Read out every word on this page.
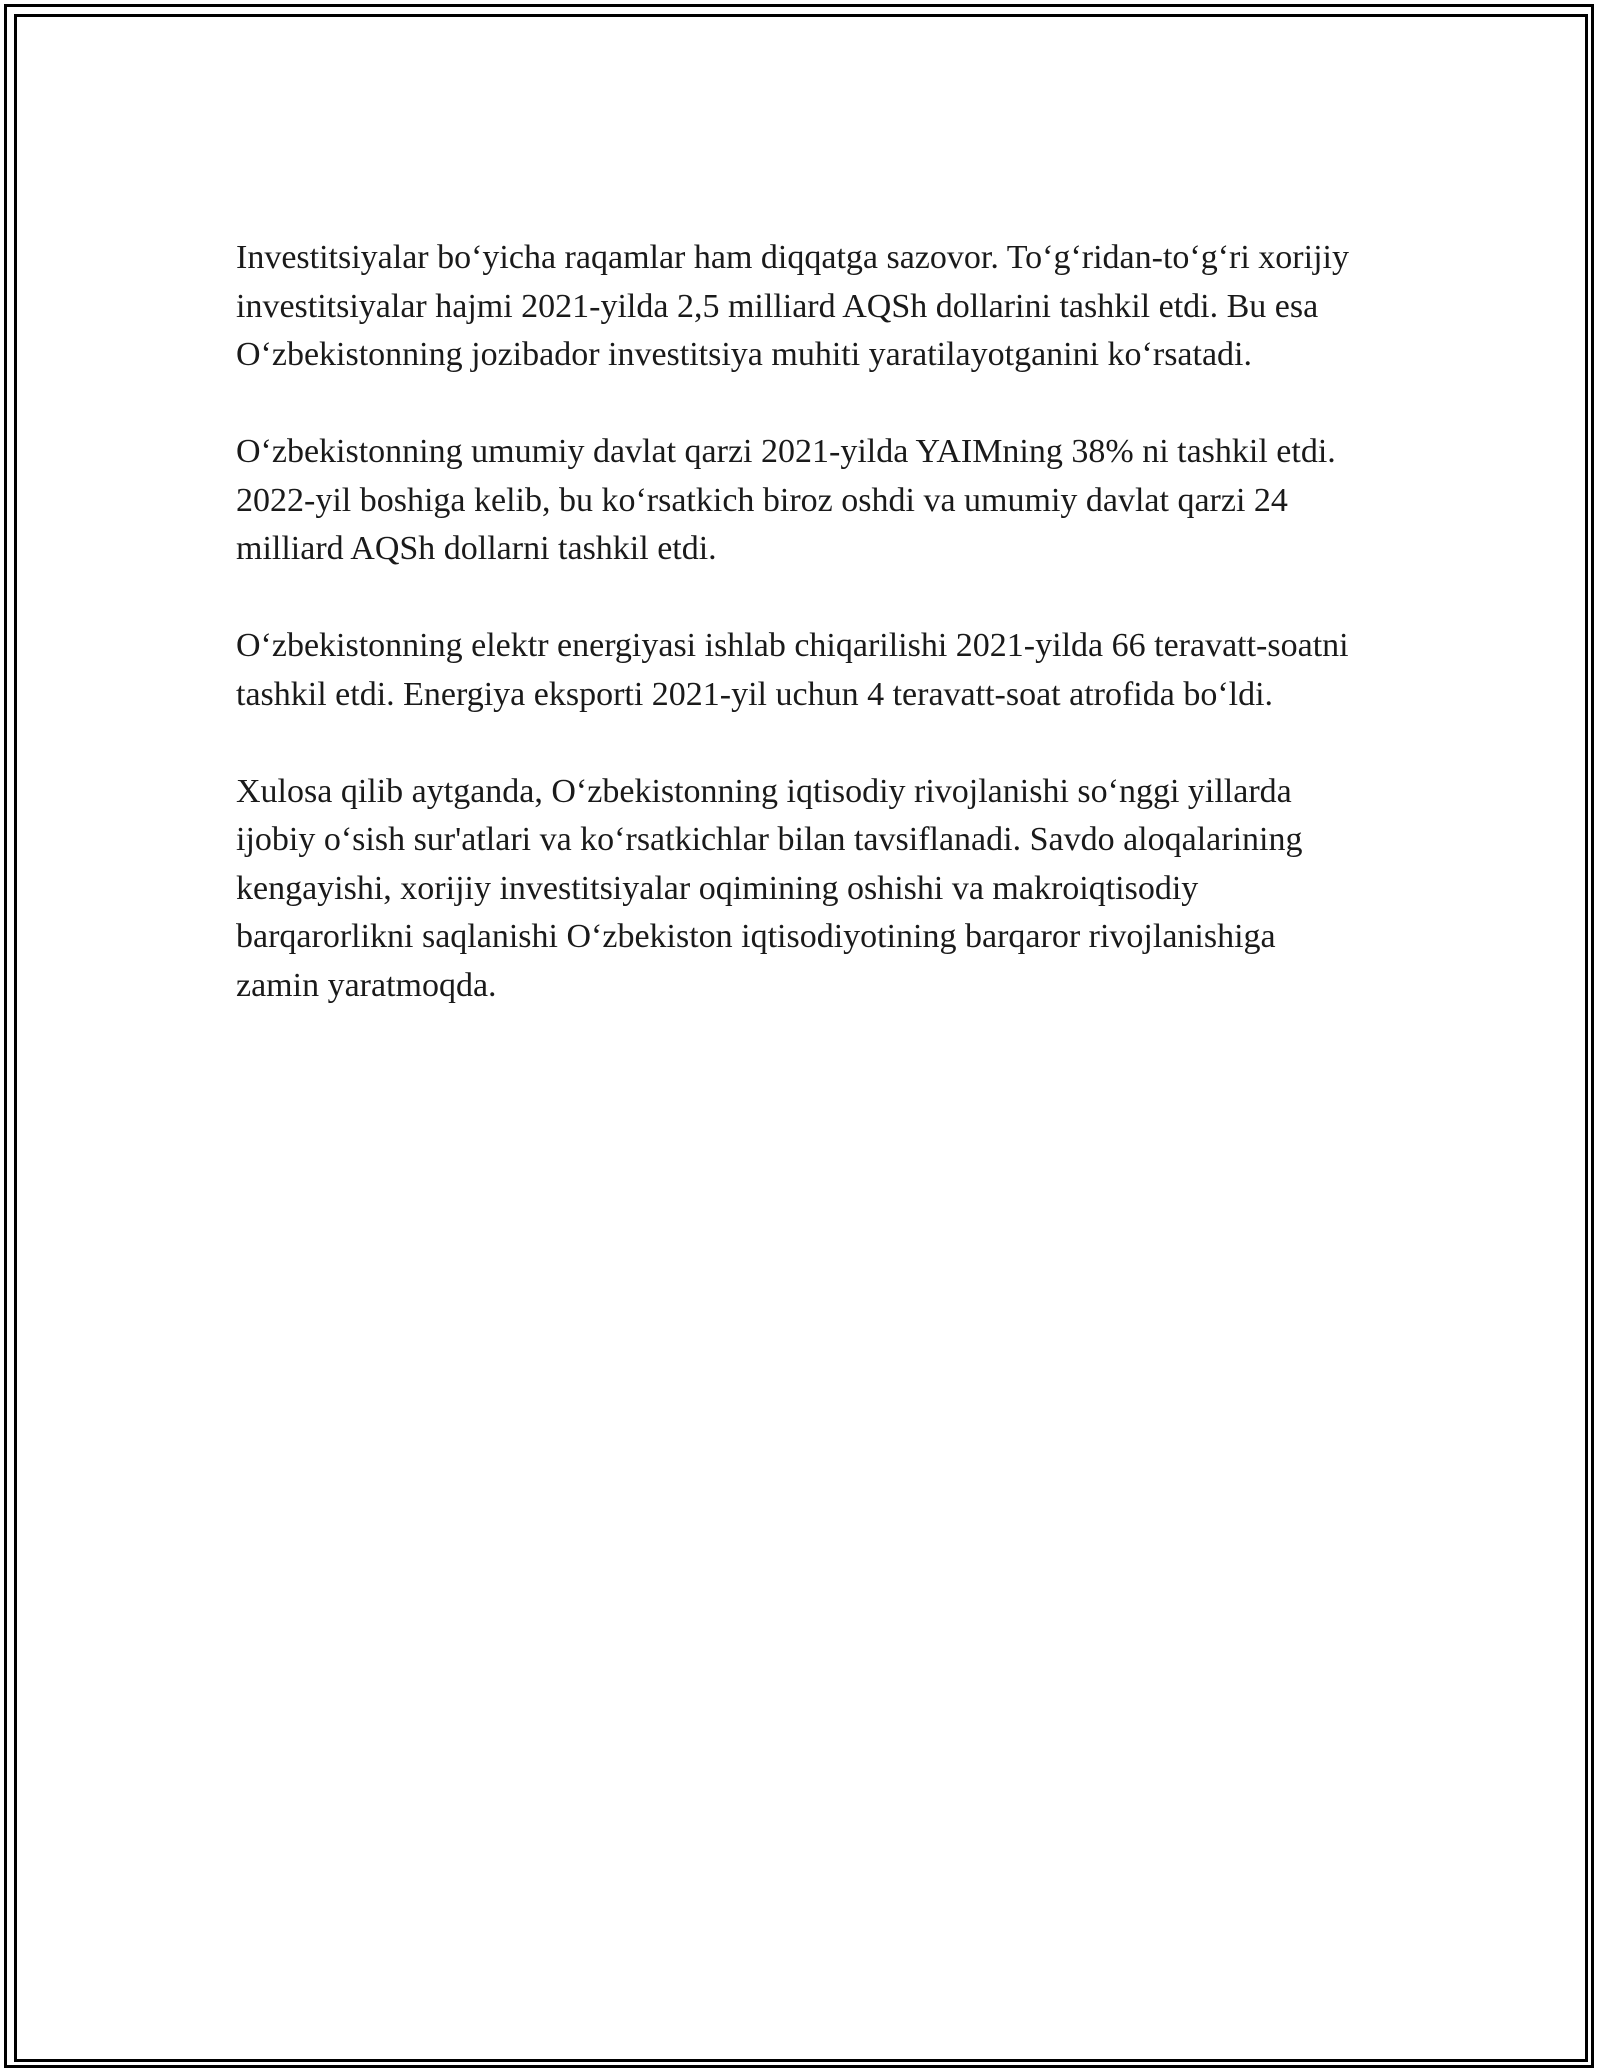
Investitsiyalar boʻyicha raqamlar ham diqqatga sazovor. Toʻgʻridan-toʻgʻri xorijiy investitsiyalar hajmi 2021-yilda 2,5 milliard AQSh dollarini tashkil etdi. Bu esa Oʻzbekistonning jozibador investitsiya muhiti yaratilayotganini koʻrsatadi.

Oʻzbekistonning umumiy davlat qarzi 2021-yilda YAIMning 38% ni tashkil etdi. 2022-yil boshiga kelib, bu koʻrsatkich biroz oshdi va umumiy davlat qarzi 24 milliard AQSh dollarni tashkil etdi.

Oʻzbekistonning elektr energiyasi ishlab chiqarilishi 2021-yilda 66 teravatt-soatni tashkil etdi. Energiya eksporti 2021-yil uchun 4 teravatt-soat atrofida boʻldi.

Xulosa qilib aytganda, Oʻzbekistonning iqtisodiy rivojlanishi soʻnggi yillarda ijobiy oʻsish sur'atlari va koʻrsatkichlar bilan tavsiflanadi. Savdo aloqalarining kengayishi, xorijiy investitsiyalar oqimining oshishi va makroiqtisodiy barqarorlikni saqlanishi Oʻzbekiston iqtisodiyotining barqaror rivojlanishiga zamin yaratmoqda.
